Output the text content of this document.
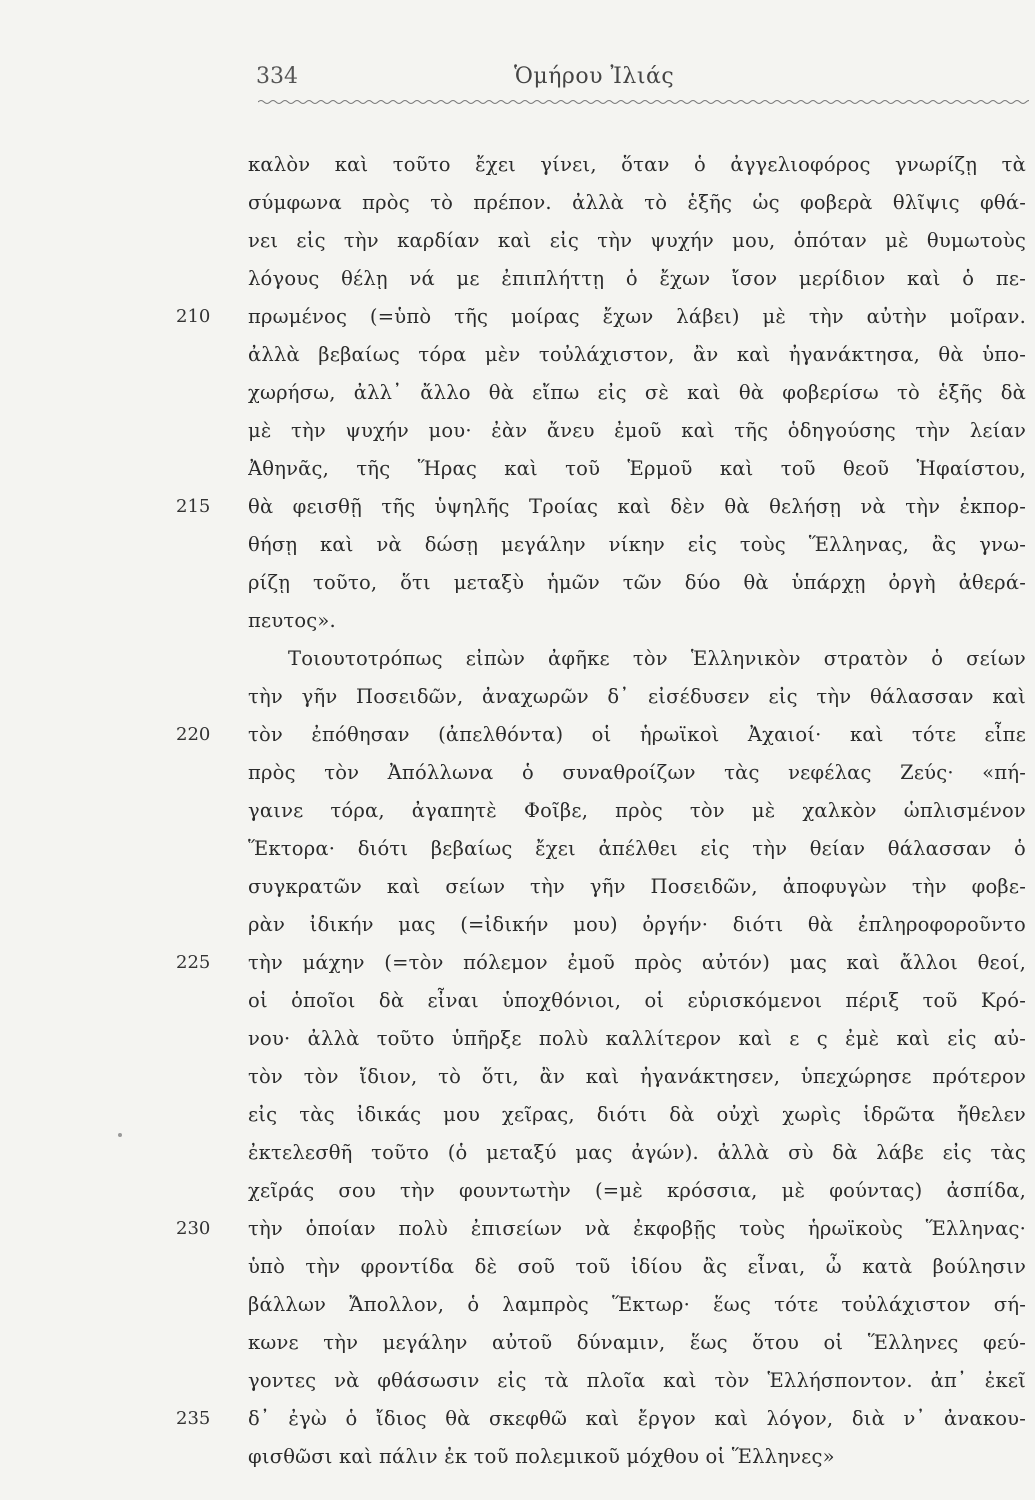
334	Ὁμήρου Ἰλιάς
καλὸν καὶ τοῦτο ἔχει γίνει, ὅταν ὁ ἀγγελιοφόρος γνωρίζῃ τὰ
σύμφωνα πρὸς τὸ πρέπον. ἀλλὰ τὸ ἑξῆς ὡς φοβερὰ θλῖψις φθά-
νει εἰς τὴν καρδίαν καὶ εἰς τὴν ψυχήν μου, ὁπόταν μὲ θυμωτοὺς
λόγους θέλῃ νά με ἐπιπλήττῃ ὁ ἔχων ἴσον μερίδιον καὶ ὁ πε-
πρωμένος (=ὑπὸ τῆς μοίρας ἔχων λάβει) μὲ τὴν αὐτὴν μοῖραν.
ἀλλὰ βεβαίως τόρα μὲν τοὐλάχιστον, ἂν καὶ ἠγανάκτησα, θὰ ὑπο-
χωρήσω, ἀλλ᾽ ἄλλο θὰ εἴπω εἰς σὲ καὶ θὰ φοβερίσω τὸ ἑξῆς δὰ
μὲ τὴν ψυχήν μου· ἐὰν ἄνευ ἐμοῦ καὶ τῆς ὁδηγούσης τὴν λείαν
Ἀθηνᾶς, τῆς Ἥρας καὶ τοῦ Ἑρμοῦ καὶ τοῦ θεοῦ Ἡφαίστου,
θὰ φεισθῇ τῆς ὑψηλῆς Τροίας καὶ δὲν θὰ θελήσῃ νὰ τὴν ἐκπορ-
θήσῃ καὶ νὰ δώσῃ μεγάλην νίκην εἰς τοὺς Ἕλληνας, ἂς γνω-
ρίζῃ τοῦτο, ὅτι μεταξὺ ἡμῶν τῶν δύο θὰ ὑπάρχῃ ὀργὴ ἀθερά-
πευτος».
Τοιουτοτρόπως εἰπὼν ἀφῆκε τὸν Ἑλληνικὸν στρατὸν ὁ σείων
τὴν γῆν Ποσειδῶν, ἀναχωρῶν δ᾽ εἰσέδυσεν εἰς τὴν θάλασσαν καὶ
τὸν ἐπόθησαν (ἀπελθόντα) οἱ ἡρωϊκοὶ Ἀχαιοί· καὶ τότε εἶπε
πρὸς τὸν Ἀπόλλωνα ὁ συναθροίζων τὰς νεφέλας Ζεύς· «πή-
γαινε τόρα, ἀγαπητὲ Φοῖβε, πρὸς τὸν μὲ χαλκὸν ὡπλισμένον
Ἕκτορα· διότι βεβαίως ἔχει ἀπέλθει εἰς τὴν θείαν θάλασσαν ὁ
συγκρατῶν καὶ σείων τὴν γῆν Ποσειδῶν, ἀποφυγὼν τὴν φοβε-
ρὰν ἰδικήν μας (=ἰδικήν μου) ὀργήν· διότι θὰ ἐπληροφοροῦντο
τὴν μάχην (=τὸν πόλεμον ἐμοῦ πρὸς αὐτόν) μας καὶ ἄλλοι θεοί,
οἱ ὁποῖοι δὰ εἶναι ὑποχθόνιοι, οἱ εὑρισκόμενοι πέριξ τοῦ Κρό-
νου· ἀλλὰ τοῦτο ὑπῆρξε πολὺ καλλίτερον καὶ ε ς ἐμὲ καὶ εἰς αὐ-
τὸν τὸν ἴδιον, τὸ ὅτι, ἂν καὶ ἠγανάκτησεν, ὑπεχώρησε πρότερον
εἰς τὰς ἰδικάς μου χεῖρας, διότι δὰ οὐχὶ χωρὶς ἱδρῶτα ἤθελεν
ἐκτελεσθῆ τοῦτο (ὁ μεταξύ μας ἀγών). ἀλλὰ σὺ δὰ λάβε εἰς τὰς
χεῖράς σου τὴν φουντωτὴν (=μὲ κρόσσια, μὲ φούντας) ἀσπίδα,
τὴν ὁποίαν πολὺ ἐπισείων νὰ ἐκφοβῇς τοὺς ἡρωϊκοὺς Ἕλληνας·
ὑπὸ τὴν φροντίδα δὲ σοῦ τοῦ ἰδίου ἂς εἶναι, ὦ κατὰ βούλησιν
βάλλων Ἄπολλον, ὁ λαμπρὸς Ἕκτωρ· ἕως τότε τοὐλάχιστον σή-
κωνε τὴν μεγάλην αὐτοῦ δύναμιν, ἕως ὅτου οἱ Ἕλληνες φεύ-
γοντες νὰ φθάσωσιν εἰς τὰ πλοῖα καὶ τὸν Ἑλλήσποντον. ἀπ᾽ ἐκεῖ
δ᾽ ἐγὼ ὁ ἴδιος θὰ σκεφθῶ καὶ ἔργον καὶ λόγον, διὰ ν᾽ ἀνακου-
φισθῶσι καὶ πάλιν ἐκ τοῦ πολεμικοῦ μόχθου οἱ Ἕλληνες»
210
215
220
225
230
235
